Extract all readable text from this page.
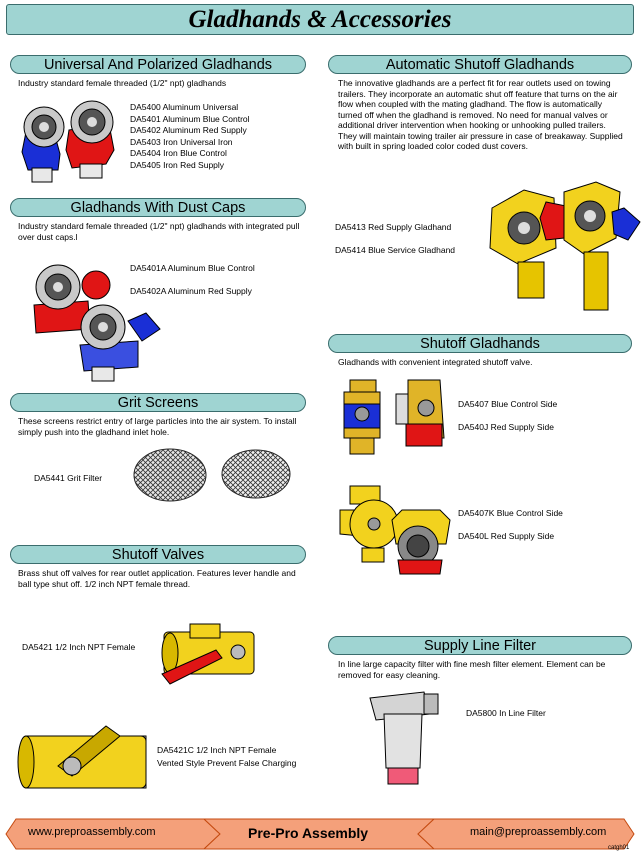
Gladhands & Accessories
Universal And Polarized Gladhands
Industry standard female threaded (1/2" npt) gladhands
DA5400 Aluminum Universal
DA5401 Aluminum Blue Control
DA5402 Aluminum Red Supply
DA5403 Iron Universal Iron
DA5404 Iron Blue Control
DA5405 Iron Red Supply
Gladhands With Dust Caps
Industry standard female threaded (1/2" npt) gladhands with integrated pull over dust caps.l
DA5401A Aluminum Blue Control
DA5402A Aluminum Red Supply
Grit Screens
These screens restrict entry of large particles into the air system. To install simply push into the gladhand inlet hole.
DA5441 Grit Filter
Shutoff Valves
Brass shut off valves for rear outlet application. Features lever handle and ball type shut off. 1/2 inch NPT female thread.
DA5421 1/2 Inch NPT Female
DA5421C 1/2 Inch NPT Female
Vented Style Prevent False Charging
Automatic Shutoff Gladhands
The innovative gladhands are a perfect fit for rear outlets used on towing trailers. They incorporate an automatic shut off feature that turns on the air flow when coupled with the mating gladhand. The flow is automatically turned off when the gladhand is removed. No need for manual valves or additional driver intervention when hooking or unhooking pulled trailers. They will maintain towing trailer air pressure in case of breakaway. Supplied with built in spring loaded color coded dust covers.
DA5413 Red Supply Gladhand
DA5414 Blue Service Gladhand
Shutoff Gladhands
Gladhands with convenient integrated shutoff valve.
DA5407 Blue Control Side
DA540J Red Supply Side
DA5407K Blue Control Side
DA540L Red Supply Side
Supply Line Filter
In line large capacity filter with fine mesh filter element. Element can be removed for easy cleaning.
DA5800 In Line Filter
www.preproassembly.com	Pre-Pro Assembly	main@preproassembly.com
catgh01
